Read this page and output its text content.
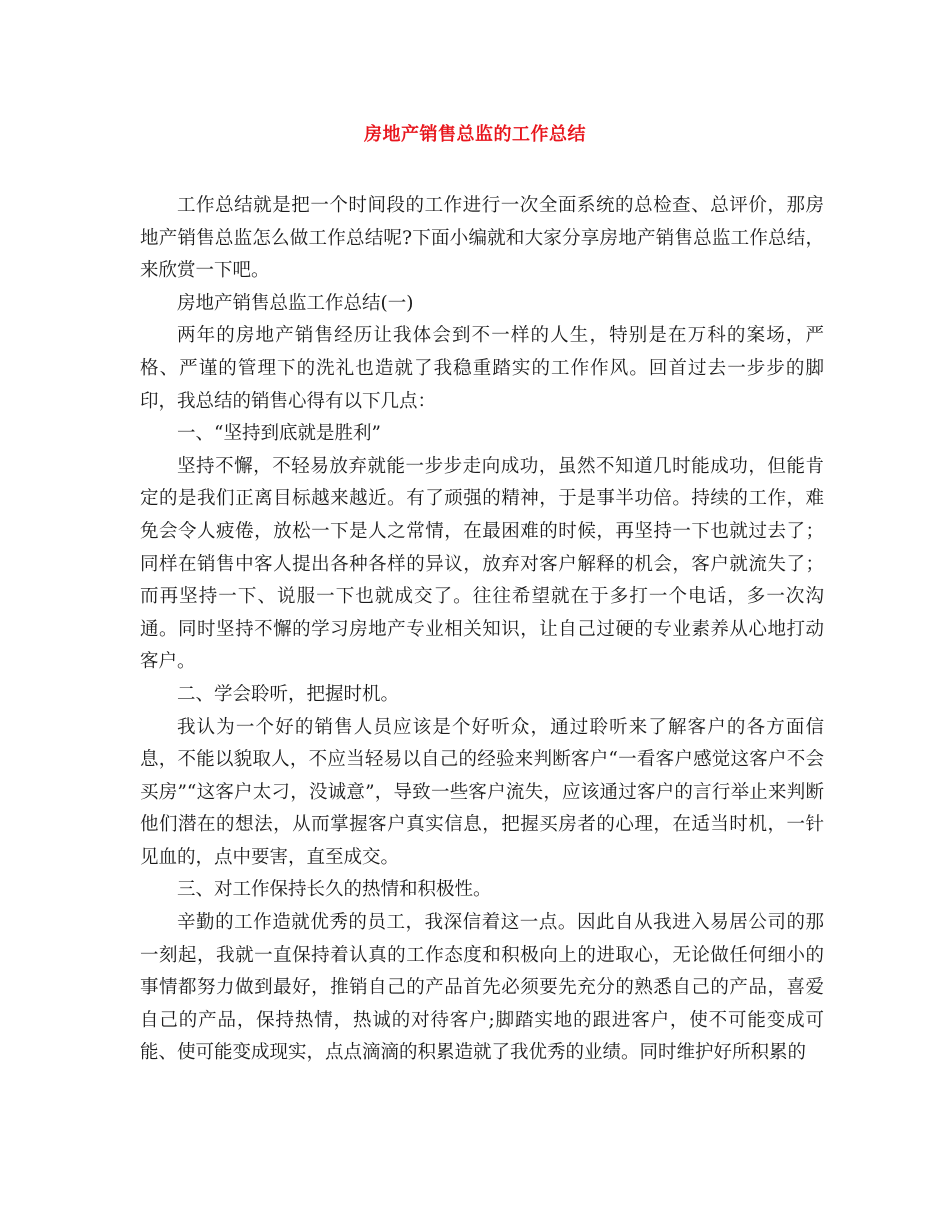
房地产销售总监的工作总结

工作总结就是把一个时间段的工作进行一次全面系统的总检查、总评价，那房地产销售总监怎么做工作总结呢?下面小编就和大家分享房地产销售总监工作总结，来欣赏一下吧。

房地产销售总监工作总结(一)

两年的房地产销售经历让我体会到不一样的人生，特别是在万科的案场，严格、严谨的管理下的洗礼也造就了我稳重踏实的工作作风。回首过去一步步的脚印，我总结的销售心得有以下几点：

一、“坚持到底就是胜利”

坚持不懈，不轻易放弃就能一步步走向成功，虽然不知道几时能成功，但能肯定的是我们正离目标越来越近。有了顽强的精神，于是事半功倍。持续的工作，难免会令人疲倦，放松一下是人之常情，在最困难的时候，再坚持一下也就过去了；同样在销售中客人提出各种各样的异议，放弃对客户解释的机会，客户就流失了；而再坚持一下、说服一下也就成交了。往往希望就在于多打一个电话，多一次沟通。同时坚持不懈的学习房地产专业相关知识，让自己过硬的专业素养从心地打动客户。

二、学会聆听，把握时机。

我认为一个好的销售人员应该是个好听众，通过聆听来了解客户的各方面信息，不能以貌取人，不应当轻易以自己的经验来判断客户“一看客户感觉这客户不会买房”“这客户太刁，没诚意”，导致一些客户流失，应该通过客户的言行举止来判断他们潜在的想法，从而掌握客户真实信息，把握买房者的心理，在适当时机，一针见血的，点中要害，直至成交。

三、对工作保持长久的热情和积极性。

辛勤的工作造就优秀的员工，我深信着这一点。因此自从我进入易居公司的那一刻起，我就一直保持着认真的工作态度和积极向上的进取心，无论做任何细小的事情都努力做到最好，推销自己的产品首先必须要先充分的熟悉自己的产品，喜爱自己的产品，保持热情，热诚的对待客户;脚踏实地的跟进客户，使不可能变成可能、使可能变成现实，点点滴滴的积累造就了我优秀的业绩。同时维护好所积累的
